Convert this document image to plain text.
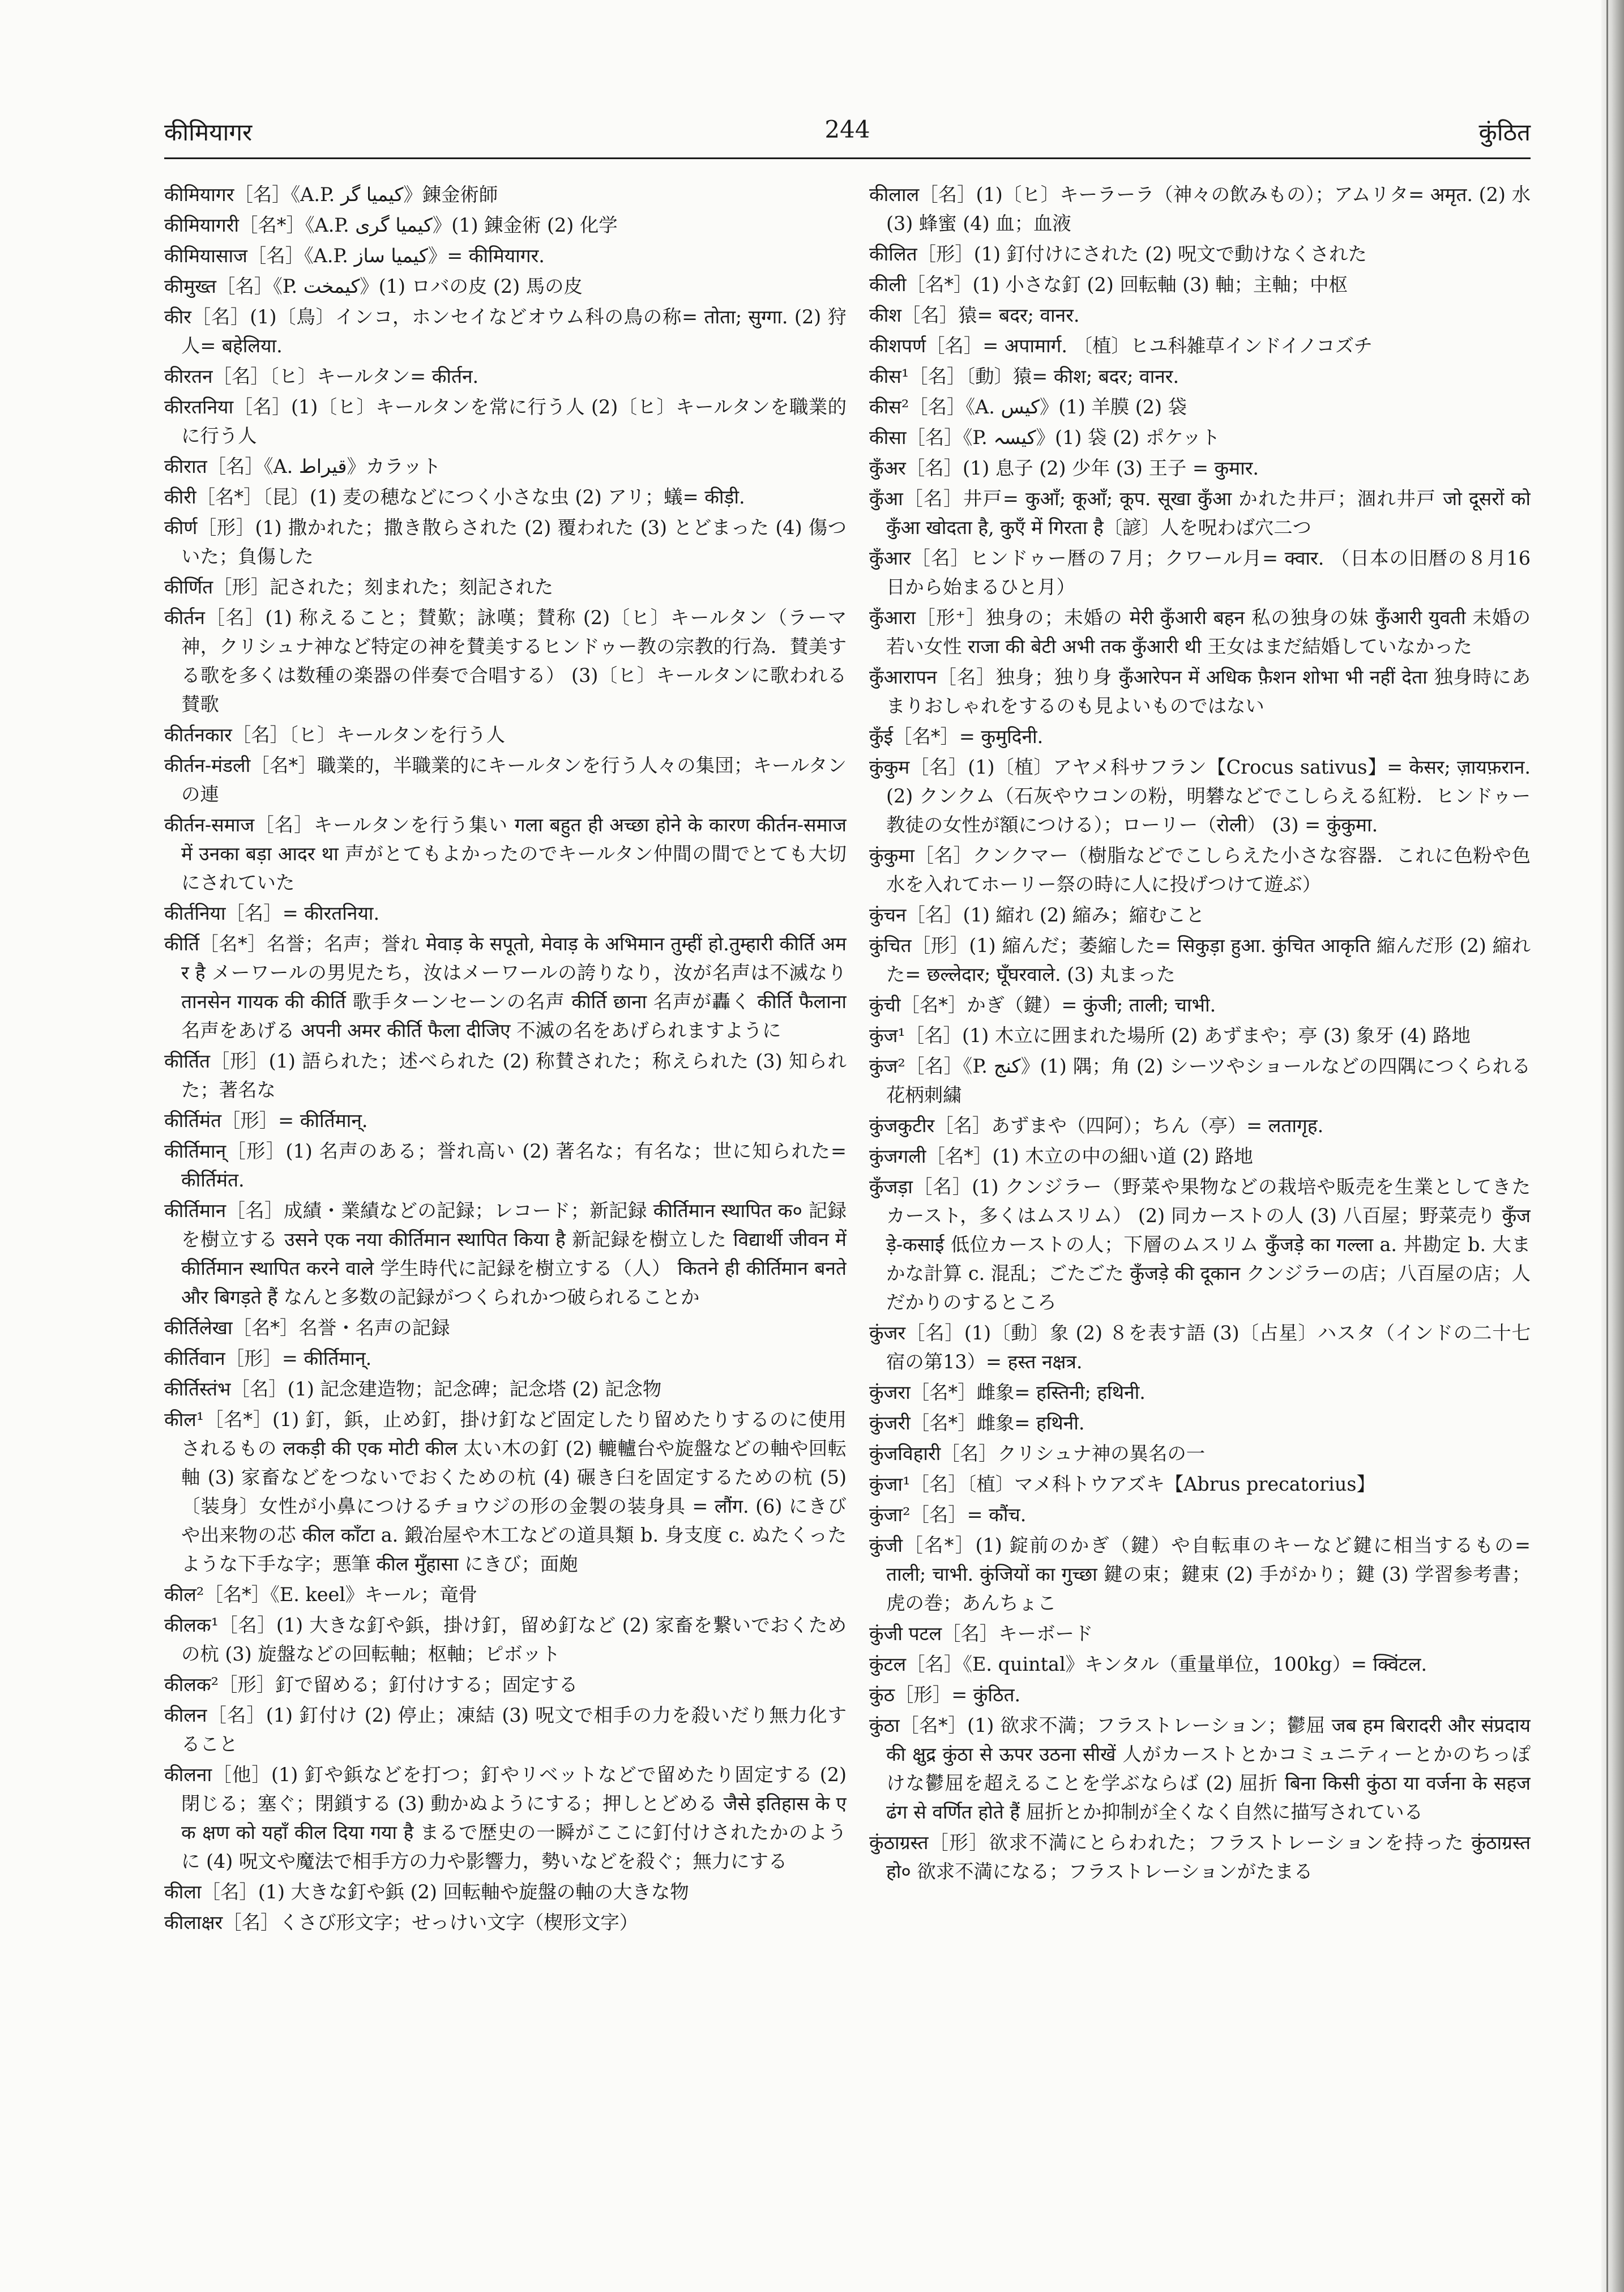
कीमियागर	244	कुंठित

कीमियागर［名］《A.P. کیمیا گر》錬金術師

कीमियागरी［名*］《A.P. کیمیا گری》(1) 錬金術 (2) 化学

कीमियासाज［名］《A.P. کیمیا ساز》= कीमियागर.

कीमुख्त［名］《P. کیمخت》(1) ロバの皮 (2) 馬の皮

कीर［名］(1)〔鳥〕インコ，ホンセイなどオウム科の鳥の称= तोता; सुग्गा. (2) 狩人= बहेलिया.

कीरतन［名］〔ヒ〕キールタン= कीर्तन.

कीरतनिया［名］(1)〔ヒ〕キールタンを常に行う人 (2)〔ヒ〕キールタンを職業的に行う人

कीरात［名］《A. قیراط》カラット

कीरी［名*］〔昆〕(1) 麦の穂などにつく小さな虫 (2) アリ；蟻= कीड़ी.

कीर्ण［形］(1) 撒かれた；撒き散らされた (2) 覆われた (3) とどまった (4) 傷ついた；負傷した

कीर्णित［形］記された；刻まれた；刻記された

कीर्तन［名］(1) 称えること；賛歎；詠嘆；賛称 (2)〔ヒ〕キールタン（ラーマ神，クリシュナ神など特定の神を賛美するヒンドゥー教の宗教的行為．賛美する歌を多くは数種の楽器の伴奏で合唱する） (3)〔ヒ〕キールタンに歌われる賛歌

कीर्तनकार［名］〔ヒ〕キールタンを行う人

कीर्तन-मंडली［名*］職業的，半職業的にキールタンを行う人々の集団；キールタンの連

कीर्तन-समाज［名］キールタンを行う集い गला बहुत ही अच्छा होने के कारण कीर्तन-समाज में उनका बड़ा आदर था 声がとてもよかったのでキールタン仲間の間でとても大切にされていた

कीर्तनिया［名］= कीरतनिया.

कीर्ति［名*］名誉；名声；誉れ मेवाड़ के सपूतो, मेवाड़ के अभिमान तुम्हीं हो.तुम्हारी कीर्ति अमर है メーワールの男児たち，汝はメーワールの誇りなり，汝が名声は不滅なり तानसेन गायक की कीर्ति 歌手ターンセーンの名声 कीर्ति छाना 名声が轟く कीर्ति फैलाना 名声をあげる अपनी अमर कीर्ति फैला दीजिए 不滅の名をあげられますように

कीर्तित［形］(1) 語られた；述べられた (2) 称賛された；称えられた (3) 知られた；著名な

कीर्तिमंत［形］= कीर्तिमान्.

कीर्तिमान्［形］(1) 名声のある；誉れ高い (2) 著名な；有名な；世に知られた= कीर्तिमंत.

कीर्तिमान［名］成績・業績などの記録；レコード；新記録 कीर्तिमान स्थापित क० 記録を樹立する उसने एक नया कीर्तिमान स्थापित किया है 新記録を樹立した विद्यार्थी जीवन में कीर्तिमान स्थापित करने वाले 学生時代に記録を樹立する（人） कितने ही कीर्तिमान बनते और बिगड़ते हैं なんと多数の記録がつくられかつ破られることか

कीर्तिलेखा［名*］名誉・名声の記録

कीर्तिवान［形］= कीर्तिमान्.

कीर्तिस्तंभ［名］(1) 記念建造物；記念碑；記念塔 (2) 記念物

कील¹［名*］(1) 釘，鋲，止め釘，掛け釘など固定したり留めたりするのに使用されるもの लकड़ी की एक मोटी कील 太い木の釘 (2) 轆轤台や旋盤などの軸や回転軸 (3) 家畜などをつないでおくための杭 (4) 碾き臼を固定するための杭 (5)〔装身〕女性が小鼻につけるチョウジの形の金製の装身具 = लौंग. (6) にきびや出来物の芯 कील काँटा a. 鍛冶屋や木工などの道具類 b. 身支度 c. ぬたくったような下手な字；悪筆 कील मुँहासा にきび；面皰

कील²［名*］《E. keel》キール；竜骨

कीलक¹［名］(1) 大きな釘や鋲，掛け釘，留め釘など (2) 家畜を繋いでおくための杭 (3) 旋盤などの回転軸；枢軸；ピボット

कीलक²［形］釘で留める；釘付けする；固定する

कीलन［名］(1) 釘付け (2) 停止；凍結 (3) 呪文で相手の力を殺いだり無力化すること

कीलना［他］(1) 釘や鋲などを打つ；釘やリベットなどで留めたり固定する (2) 閉じる；塞ぐ；閉鎖する (3) 動かぬようにする；押しとどめる जैसे इतिहास के एक क्षण को यहाँ कील दिया गया है まるで歴史の一瞬がここに釘付けされたかのように (4) 呪文や魔法で相手方の力や影響力，勢いなどを殺ぐ；無力にする

कीला［名］(1) 大きな釘や鋲 (2) 回転軸や旋盤の軸の大きな物

कीलाक्षर［名］くさび形文字；せっけい文字（楔形文字）

कीलाल［名］(1)〔ヒ〕キーラーラ（神々の飲みもの）；アムリタ= अमृत. (2) 水 (3) 蜂蜜 (4) 血；血液

कीलित［形］(1) 釘付けにされた (2) 呪文で動けなくされた

कीली［名*］(1) 小さな釘 (2) 回転軸 (3) 軸；主軸；中枢

कीश［名］猿= बदर; वानर.

कीशपर्ण［名］= अपामार्ग. 〔植〕ヒユ科雑草インドイノコズチ

कीस¹［名］〔動〕猿= कीश; बदर; वानर.

कीस²［名］《A. کیس》(1) 羊膜 (2) 袋

कीसा［名］《P. کیسہ》(1) 袋 (2) ポケット

कुँअर［名］(1) 息子 (2) 少年 (3) 王子 = कुमार.

कुँआ［名］井戸= कुआँ; कूआँ; कूप. सूखा कुँआ かれた井戸；涸れ井戸 जो दूसरों को कुँआ खोदता है, कुएँ में गिरता है〔諺〕人を呪わば穴二つ

कुँआर［名］ヒンドゥー暦の７月；クワール月= क्वार. （日本の旧暦の８月16日から始まるひと月）

कुँआरा［形⁺］独身の；未婚の मेरी कुँआरी बहन 私の独身の妹 कुँआरी युवती 未婚の若い女性 राजा की बेटी अभी तक कुँआरी थी 王女はまだ結婚していなかった

कुँआरापन［名］独身；独り身 कुँआरेपन में अधिक फ़ैशन शोभा भी नहीं देता 独身時にあまりおしゃれをするのも見よいものではない

कुँई［名*］= कुमुदिनी.

कुंकुम［名］(1)〔植〕アヤメ科サフラン【Crocus sativus】= केसर; ज़ायफ़रान. (2) クンクム（石灰やウコンの粉，明礬などでこしらえる紅粉．ヒンドゥー教徒の女性が額につける）；ローリー（रोली） (3) = कुंकुमा.

कुंकुमा［名］クンクマー（樹脂などでこしらえた小さな容器．これに色粉や色水を入れてホーリー祭の時に人に投げつけて遊ぶ）

कुंचन［名］(1) 縮れ (2) 縮み；縮むこと

कुंचित［形］(1) 縮んだ；萎縮した= सिकुड़ा हुआ. कुंचित आकृति 縮んだ形 (2) 縮れた= छल्लेदार; घूँघरवाले. (3) 丸まった

कुंची［名*］かぎ（鍵）= कुंजी; ताली; चाभी.

कुंज¹［名］(1) 木立に囲まれた場所 (2) あずまや；亭 (3) 象牙 (4) 路地

कुंज²［名］《P. کنج》(1) 隅；角 (2) シーツやショールなどの四隅につくられる花柄刺繍

कुंजकुटीर［名］あずまや（四阿）；ちん（亭）= लतागृह.

कुंजगली［名*］(1) 木立の中の細い道 (2) 路地

कुँजड़ा［名］(1) クンジラー（野菜や果物などの栽培や販売を生業としてきたカースト，多くはムスリム） (2) 同カーストの人 (3) 八百屋；野菜売り कुँजड़े-कसाई 低位カーストの人；下層のムスリム कुँजड़े का गल्ला a. 丼勘定 b. 大まかな計算 c. 混乱；ごたごた कुँजड़े की दूकान クンジラーの店；八百屋の店；人だかりのするところ

कुंजर［名］(1)〔動〕象 (2) ８を表す語 (3)〔占星〕ハスタ（インドの二十七宿の第13）= हस्त नक्षत्र.

कुंजरा［名*］雌象= हस्तिनी; हथिनी.

कुंजरी［名*］雌象= हथिनी.

कुंजविहारी［名］クリシュナ神の異名の一

कुंजा¹［名］〔植〕マメ科トウアズキ【Abrus precatorius】

कुंजा²［名］= कौंच.

कुंजी［名*］(1) 錠前のかぎ（鍵）や自転車のキーなど鍵に相当するもの= ताली; चाभी. कुंजियों का गुच्छा 鍵の束；鍵束 (2) 手がかり；鍵 (3) 学習参考書；虎の巻；あんちょこ

कुंजी पटल［名］キーボード

कुंटल［名］《E. quintal》キンタル（重量単位，100kg）= क्विंटल.

कुंठ［形］= कुंठित.

कुंठा［名*］(1) 欲求不満；フラストレーション；鬱屈 जब हम बिरादरी और संप्रदाय की क्षुद्र कुंठा से ऊपर उठना सीखें 人がカーストとかコミュニティーとかのちっぽけな鬱屈を超えることを学ぶならば (2) 屈折 बिना किसी कुंठा या वर्जना के सहज ढंग से वर्णित होते हैं 屈折とか抑制が全くなく自然に描写されている

कुंठाग्रस्त［形］欲求不満にとらわれた；フラストレーションを持った कुंठाग्रस्त हो० 欲求不満になる；フラストレーションがたまる
